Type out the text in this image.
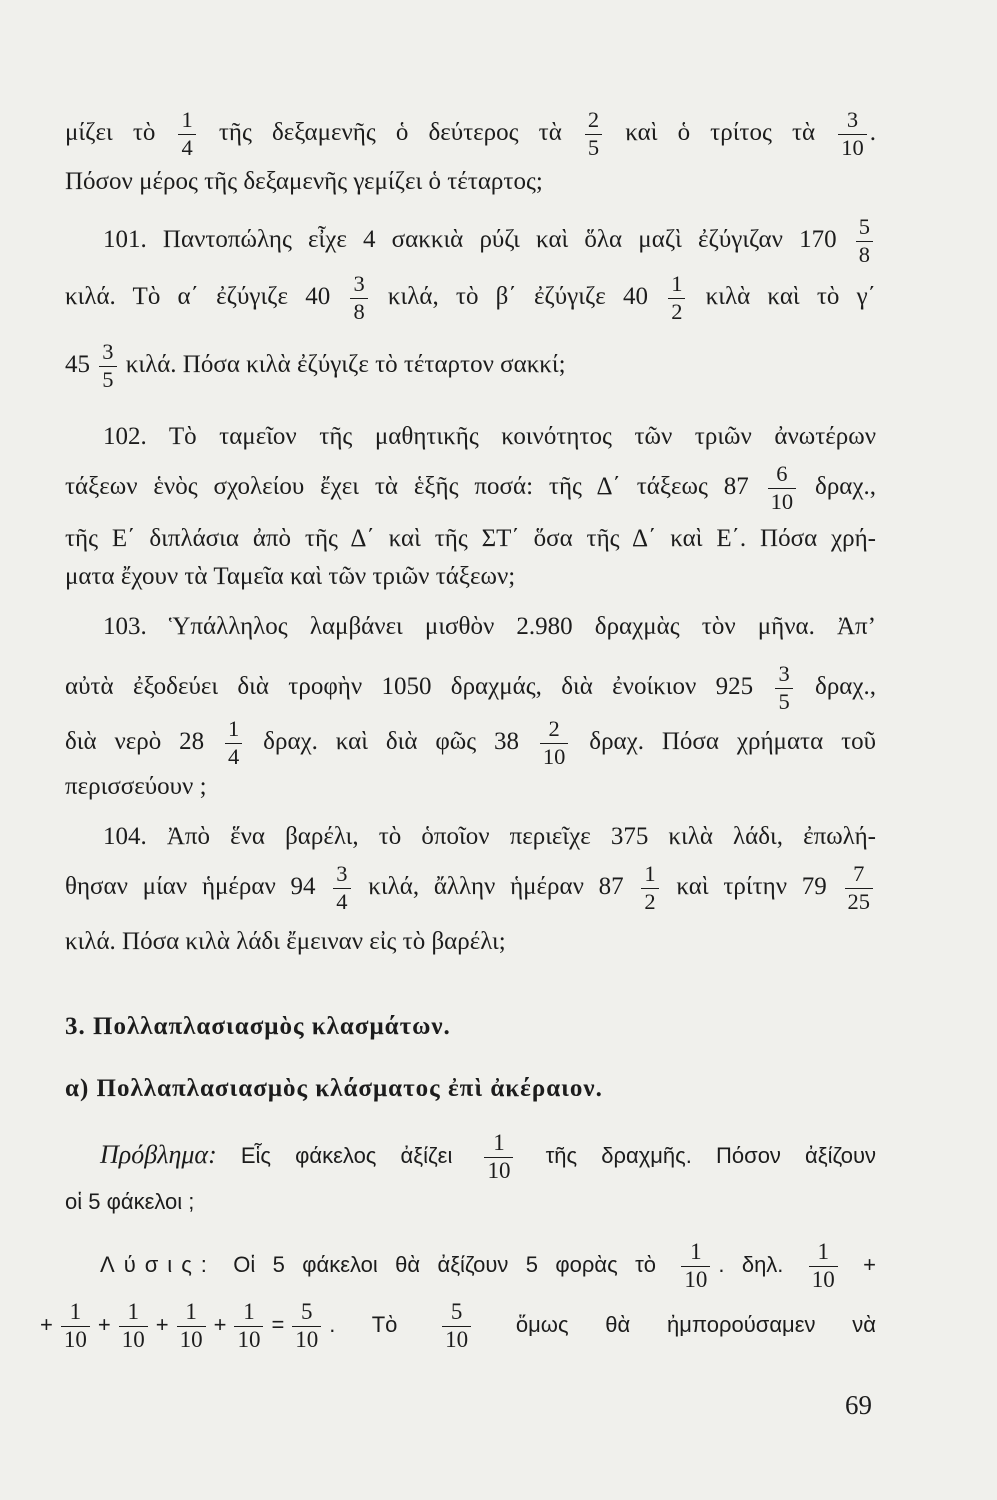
μίζει τὸ $\frac{1}{4}$ τῆς δεξαμενῆς ὁ δεύτερος τὰ $\frac{2}{5}$ καὶ ὁ τρίτος τὰ $\frac{3}{10}$ .
Πόσον μέρος τῆς δεξαμενῆς γεμίζει ὁ τέταρτος;
101. Παντοπώλης εἶχε 4 σακκιὰ ρύζι καὶ ὅλα μαζὶ ἐζύγιζαν $170 \frac{5}{8}$
κιλά. Τὸ α΄ ἐζύγιζε $40 \frac{3}{8} \kappa\iota\lambda ά$, τὸ β΄ ἐζύγιζε $40 \frac{1}{2}$ κιλὰ καὶ τὸ γ΄
$45 \frac{3}{5} \kappa\iota\lambda ά$. Πόσα κιλὰ ἐζύγιζε τὸ τέταρτον σακκί;
102. Τὸ ταμεῖον τῆς μαθητικῆς κοινότητος τῶν τριῶν ἀνωτέρων
τάξεων ἑνὸς σχολείου ἔχει τὰ ἑξῆς ποσά: τῆς Δ΄ τάξεως $87 \frac{6}{10} \delta\rho\alpha\chi$.,
τῆς Ε΄ διπλάσια ἀπὸ τῆς Δ΄ καὶ τῆς ΣΤ΄ ὅσα τῆς Δ΄ καὶ Ε΄. Πόσα χρή-
ματα ἔχουν τὰ Ταμεῖα καὶ τῶν τριῶν τάξεων;
103. Ὑπάλληλος λαμβάνει μισθὸν 2.980 δραχμὰς τὸν μῆνα. Ἀπ’
αὐτὰ ἐξοδεύει διὰ τροφὴν 1050 δραχμάς, διὰ ἐνοίκιον $925 \frac{3}{5} \delta\rho\alpha\chi$.,
διὰ νερὸ $28 \frac{1}{4} \delta\rho\alpha\chi$. καὶ διὰ φῶς $38 \frac{2}{10} \delta\rho\alpha\chi$. Πόσα χρήματα τοῦ
περισσεύουν ;
104. Ἀπὸ ἕνα βαρέλι, τὸ ὁποῖον περιεῖχε 375 κιλὰ λάδι, ἐπωλή-
θησαν μίαν ἡμέραν $94 \frac{3}{4} \kappa\iota\lambda ά$, ἄλλην ἡμέραν $87 \frac{1}{2}$ καὶ τρίτην $79 \frac{7}{25}$
κιλά. Πόσα κιλὰ λάδι ἔμειναν εἰς τὸ βαρέλι;
3. Πολλαπλασιασμὸς κλασμάτων.
α) Πολλαπλασιασμὸς κλάσματος ἐπὶ ἀκέραιον.
Πρόβλημα: Εἷς φάκελος ἀξίζει $\frac{1}{10}$ τῆς δραχμῆς. Πόσον ἀξίζουν
οἱ 5 φάκελοι ;
Λύσις: Οἱ 5 φάκελοι θὰ ἀξίζουν 5 φορὰς τὸ $\frac{1}{10}$ . δηλ. $\frac{1}{10}$ +
+ $\frac{1}{10} + \frac{1}{10} + \frac{1}{10} + \frac{1}{10} = \frac{5}{10}$ . Τὸ $\frac{5}{10}$ ὅμως θὰ ἠμπορούσαμεν νὰ
69
